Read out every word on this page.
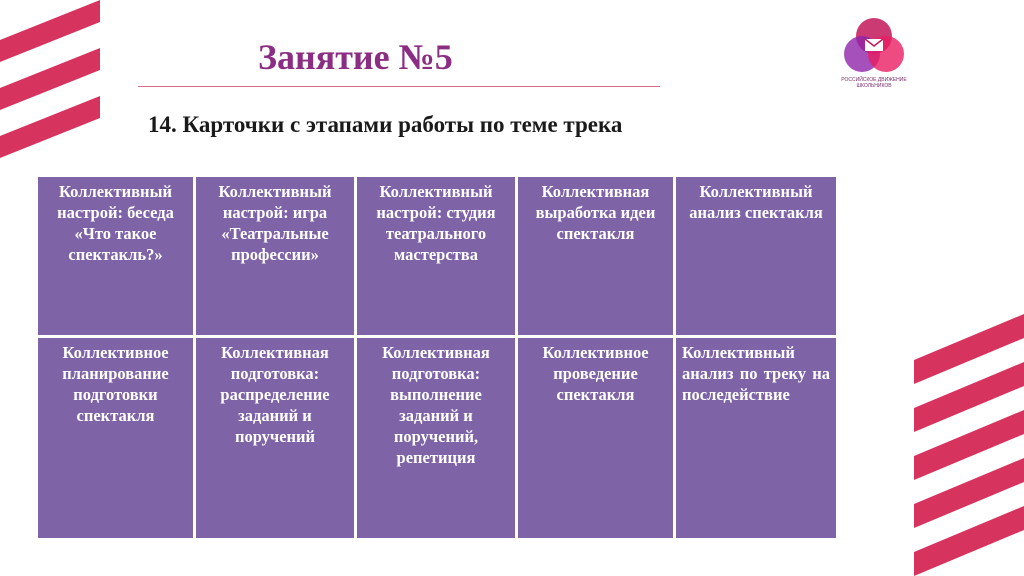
РОССИЙСКОЕ ДВИЖЕНИЕ ШКОЛЬНИКОВ
Занятие №5
14. Карточки с этапами работы по теме трека
Коллективный настрой: беседа «Что такое спектакль?»
Коллективный настрой: игра «Театральные профессии»
Коллективный настрой: студия театрального мастерства
Коллективная выработка идеи спектакля
Коллективный анализ спектакля
Коллективное планирование подготовки спектакля
Коллективная подготовка: распределение заданий и поручений
Коллективная подготовка: выполнение заданий и поручений, репетиция
Коллективное проведение спектакля
Коллективный анализ по треку на последействие
